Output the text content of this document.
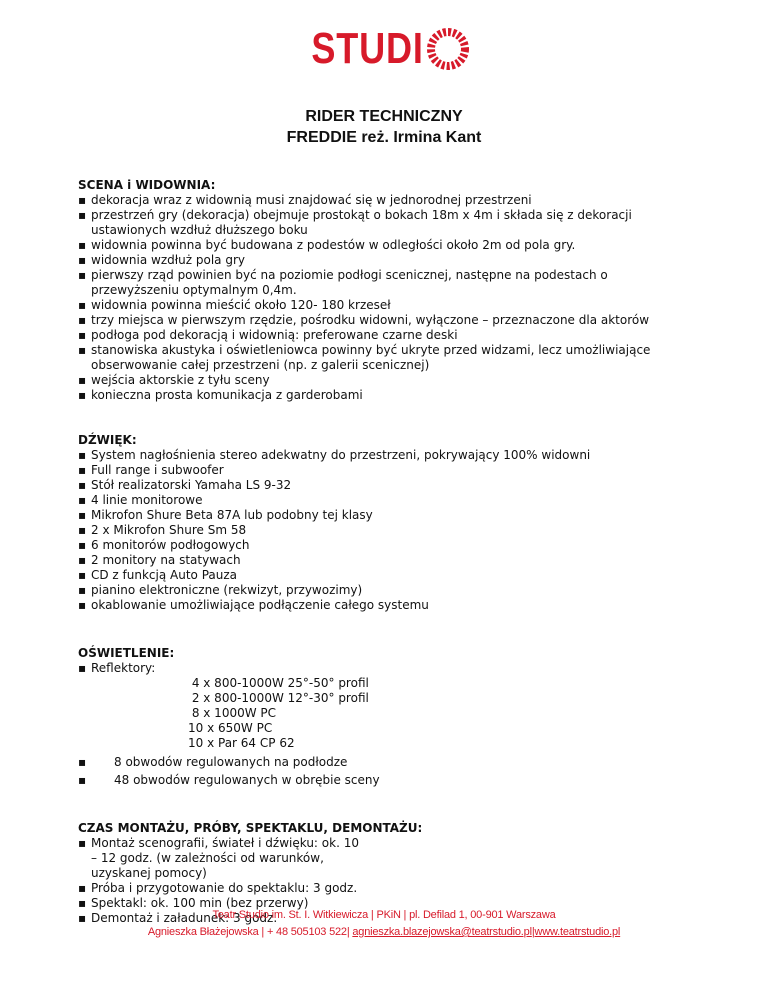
STUDI
RIDER TECHNICZNY
FREDDIE reż. Irmina Kant
SCENA i WIDOWNIA:
▪ dekoracja wraz z widownią musi znajdować się w jednorodnej przestrzeni
▪ przestrzeń gry (dekoracja) obejmuje prostokąt o bokach 18m x 4m i składa się z dekoracji ustawionych wzdłuż dłuższego boku
▪ widownia powinna być budowana z podestów w odległości około 2m od pola gry.
▪ widownia wzdłuż pola gry
▪ pierwszy rząd powinien być na poziomie podłogi scenicznej, następne na podestach o przewyższeniu optymalnym 0,4m.
▪ widownia powinna mieścić około 120- 180 krzeseł
▪ trzy miejsca w pierwszym rzędzie, pośrodku widowni, wyłączone – przeznaczone dla aktorów
▪ podłoga pod dekoracją i widownią: preferowane czarne deski
▪ stanowiska akustyka i oświetleniowca powinny być ukryte przed widzami, lecz umożliwiające obserwowanie całej przestrzeni (np. z galerii scenicznej)
▪ wejścia aktorskie z tyłu sceny
▪ konieczna prosta komunikacja z garderobami
DŹWIĘK:
▪ System nagłośnienia stereo adekwatny do przestrzeni, pokrywający 100% widowni
▪ Full range i subwoofer
▪ Stół realizatorski Yamaha LS 9-32
▪ 4 linie monitorowe
▪ Mikrofon Shure Beta 87A lub podobny tej klasy
▪ 2 x Mikrofon Shure Sm 58
▪ 6 monitorów podłogowych
▪ 2 monitory na statywach
▪ CD z funkcją Auto Pauza
▪ pianino elektroniczne (rekwizyt, przywozimy)
▪ okablowanie umożliwiające podłączenie całego systemu
OŚWIETLENIE:
▪ Reflektory:
4 x 800-1000W 25°-50° profil
2 x 800-1000W 12°-30° profil
8 x 1000W PC
10 x 650W PC
10 x Par 64 CP 62
▪ 8 obwodów regulowanych na podłodze
▪ 48 obwodów regulowanych w obrębie sceny
CZAS MONTAŻU, PRÓBY, SPEKTAKLU, DEMONTAŻU:
▪ Montaż scenografii, świateł i dźwięku: ok. 10 – 12 godz. (w zależności od warunków, uzyskanej pomocy)
▪ Próba i przygotowanie do spektaklu: 3 godz.
▪ Spektakl: ok. 100 min (bez przerwy)
▪ Demontaż i załadunek: 3 godz.
Teatr Studio im. St. I. Witkiewicza | PKiN | pl. Defilad 1, 00-901 Warszawa
Agnieszka Błażejowska | + 48 505103 522| agnieszka.blazejowska@teatrstudio.pl|www.teatrstudio.pl
